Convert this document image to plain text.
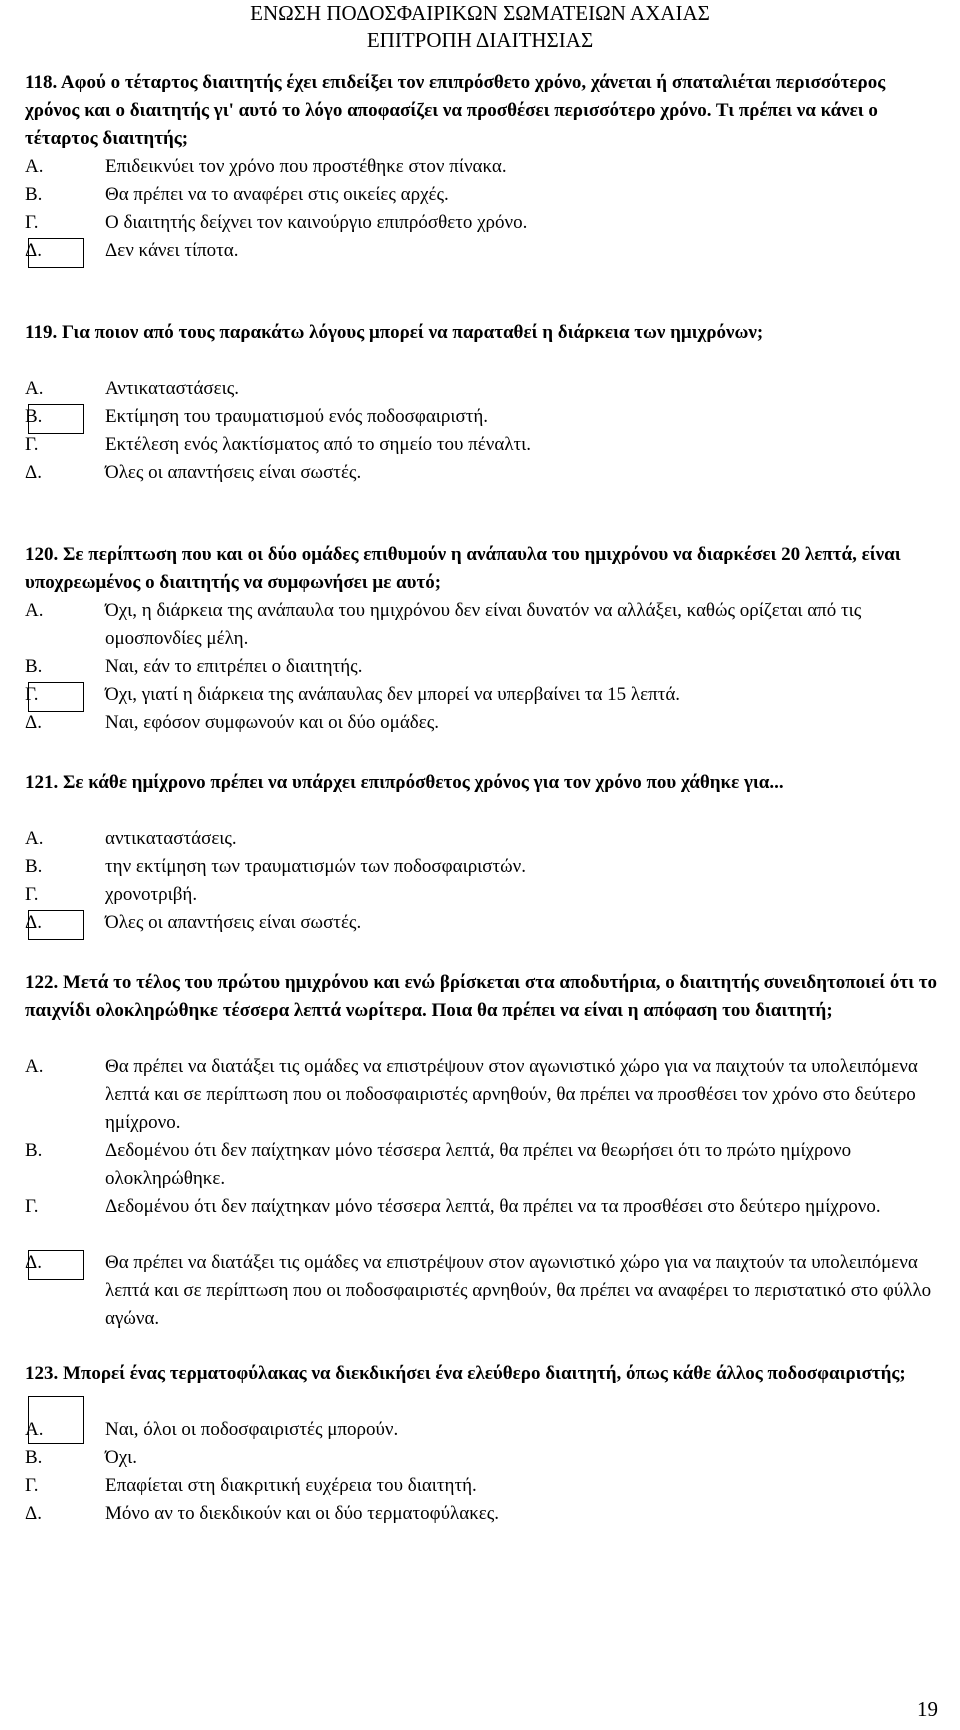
ΕΝΩΣΗ ΠΟΔΟΣΦΑΙΡΙΚΩΝ ΣΩΜΑΤΕΙΩΝ ΑΧΑΙΑΣ
ΕΠΙΤΡΟΠΗ ΔΙΑΙΤΗΣΙΑΣ
118. Αφού ο τέταρτος διαιτητής έχει επιδείξει τον επιπρόσθετο χρόνο, χάνεται ή σπαταλιέται περισσότερος χρόνος και ο διαιτητής γι' αυτό το λόγο αποφασίζει να προσθέσει περισσότερο χρόνο. Τι πρέπει να κάνει ο τέταρτος διαιτητής;
Α.	Επιδεικνύει τον χρόνο που προστέθηκε στον πίνακα.
Β.	Θα πρέπει να το αναφέρει στις οικείες αρχές.
Γ.	Ο διαιτητής δείχνει τον καινούργιο επιπρόσθετο χρόνο.
Δ.	Δεν κάνει τίποτα.
119. Για ποιον από τους παρακάτω λόγους μπορεί να παραταθεί η διάρκεια των ημιχρόνων;
Α.	Αντικαταστάσεις.
Β.	Εκτίμηση του τραυματισμού ενός ποδοσφαιριστή.
Γ.	Εκτέλεση ενός λακτίσματος από το σημείο του πέναλτι.
Δ.	Όλες οι απαντήσεις είναι σωστές.
120. Σε περίπτωση που και οι δύο ομάδες επιθυμούν η ανάπαυλα του ημιχρόνου να διαρκέσει 20 λεπτά, είναι υποχρεωμένος ο διαιτητής να συμφωνήσει με αυτό;
Α.	Όχι, η διάρκεια της ανάπαυλα του ημιχρόνου δεν είναι δυνατόν να αλλάξει, καθώς ορίζεται από τις ομοσπονδίες μέλη.
Β.	Ναι, εάν το επιτρέπει ο διαιτητής.
Γ.	Όχι, γιατί η διάρκεια της ανάπαυλας δεν μπορεί να υπερβαίνει τα 15 λεπτά.
Δ.	Ναι, εφόσον συμφωνούν και οι δύο ομάδες.
121. Σε κάθε ημίχρονο πρέπει να υπάρχει επιπρόσθετος χρόνος για τον χρόνο που χάθηκε για...
Α.	αντικαταστάσεις.
Β.	την εκτίμηση των τραυματισμών των ποδοσφαιριστών.
Γ.	χρονοτριβή.
Δ.	Όλες οι απαντήσεις είναι σωστές.
122. Μετά το τέλος του πρώτου ημιχρόνου και ενώ βρίσκεται στα αποδυτήρια, ο διαιτητής συνειδητοποιεί ότι το παιχνίδι ολοκληρώθηκε τέσσερα λεπτά νωρίτερα. Ποια θα πρέπει να είναι η απόφαση του διαιτητή;
Α.	Θα πρέπει να διατάξει τις ομάδες να επιστρέψουν στον αγωνιστικό χώρο για να παιχτούν τα υπολειπόμενα λεπτά και σε περίπτωση που οι ποδοσφαιριστές αρνηθούν, θα πρέπει να προσθέσει τον χρόνο στο δεύτερο ημίχρονο.
Β.	Δεδομένου ότι δεν παίχτηκαν μόνο τέσσερα λεπτά, θα πρέπει να θεωρήσει ότι το πρώτο ημίχρονο ολοκληρώθηκε.
Γ.	Δεδομένου ότι δεν παίχτηκαν μόνο τέσσερα λεπτά, θα πρέπει να τα προσθέσει στο δεύτερο ημίχρονο.
Δ.	Θα πρέπει να διατάξει τις ομάδες να επιστρέψουν στον αγωνιστικό χώρο για να παιχτούν τα υπολειπόμενα λεπτά και σε περίπτωση που οι ποδοσφαιριστές αρνηθούν, θα πρέπει να αναφέρει το περιστατικό στο φύλλο αγώνα.
123. Μπορεί ένας τερματοφύλακας να διεκδικήσει ένα ελεύθερο διαιτητή, όπως κάθε άλλος ποδοσφαιριστής;
Α.	Ναι, όλοι οι ποδοσφαιριστές μπορούν.
Β.	Όχι.
Γ.	Επαφίεται στη διακριτική ευχέρεια του διαιτητή.
Δ.	Μόνο αν το διεκδικούν και οι δύο τερματοφύλακες.
19
